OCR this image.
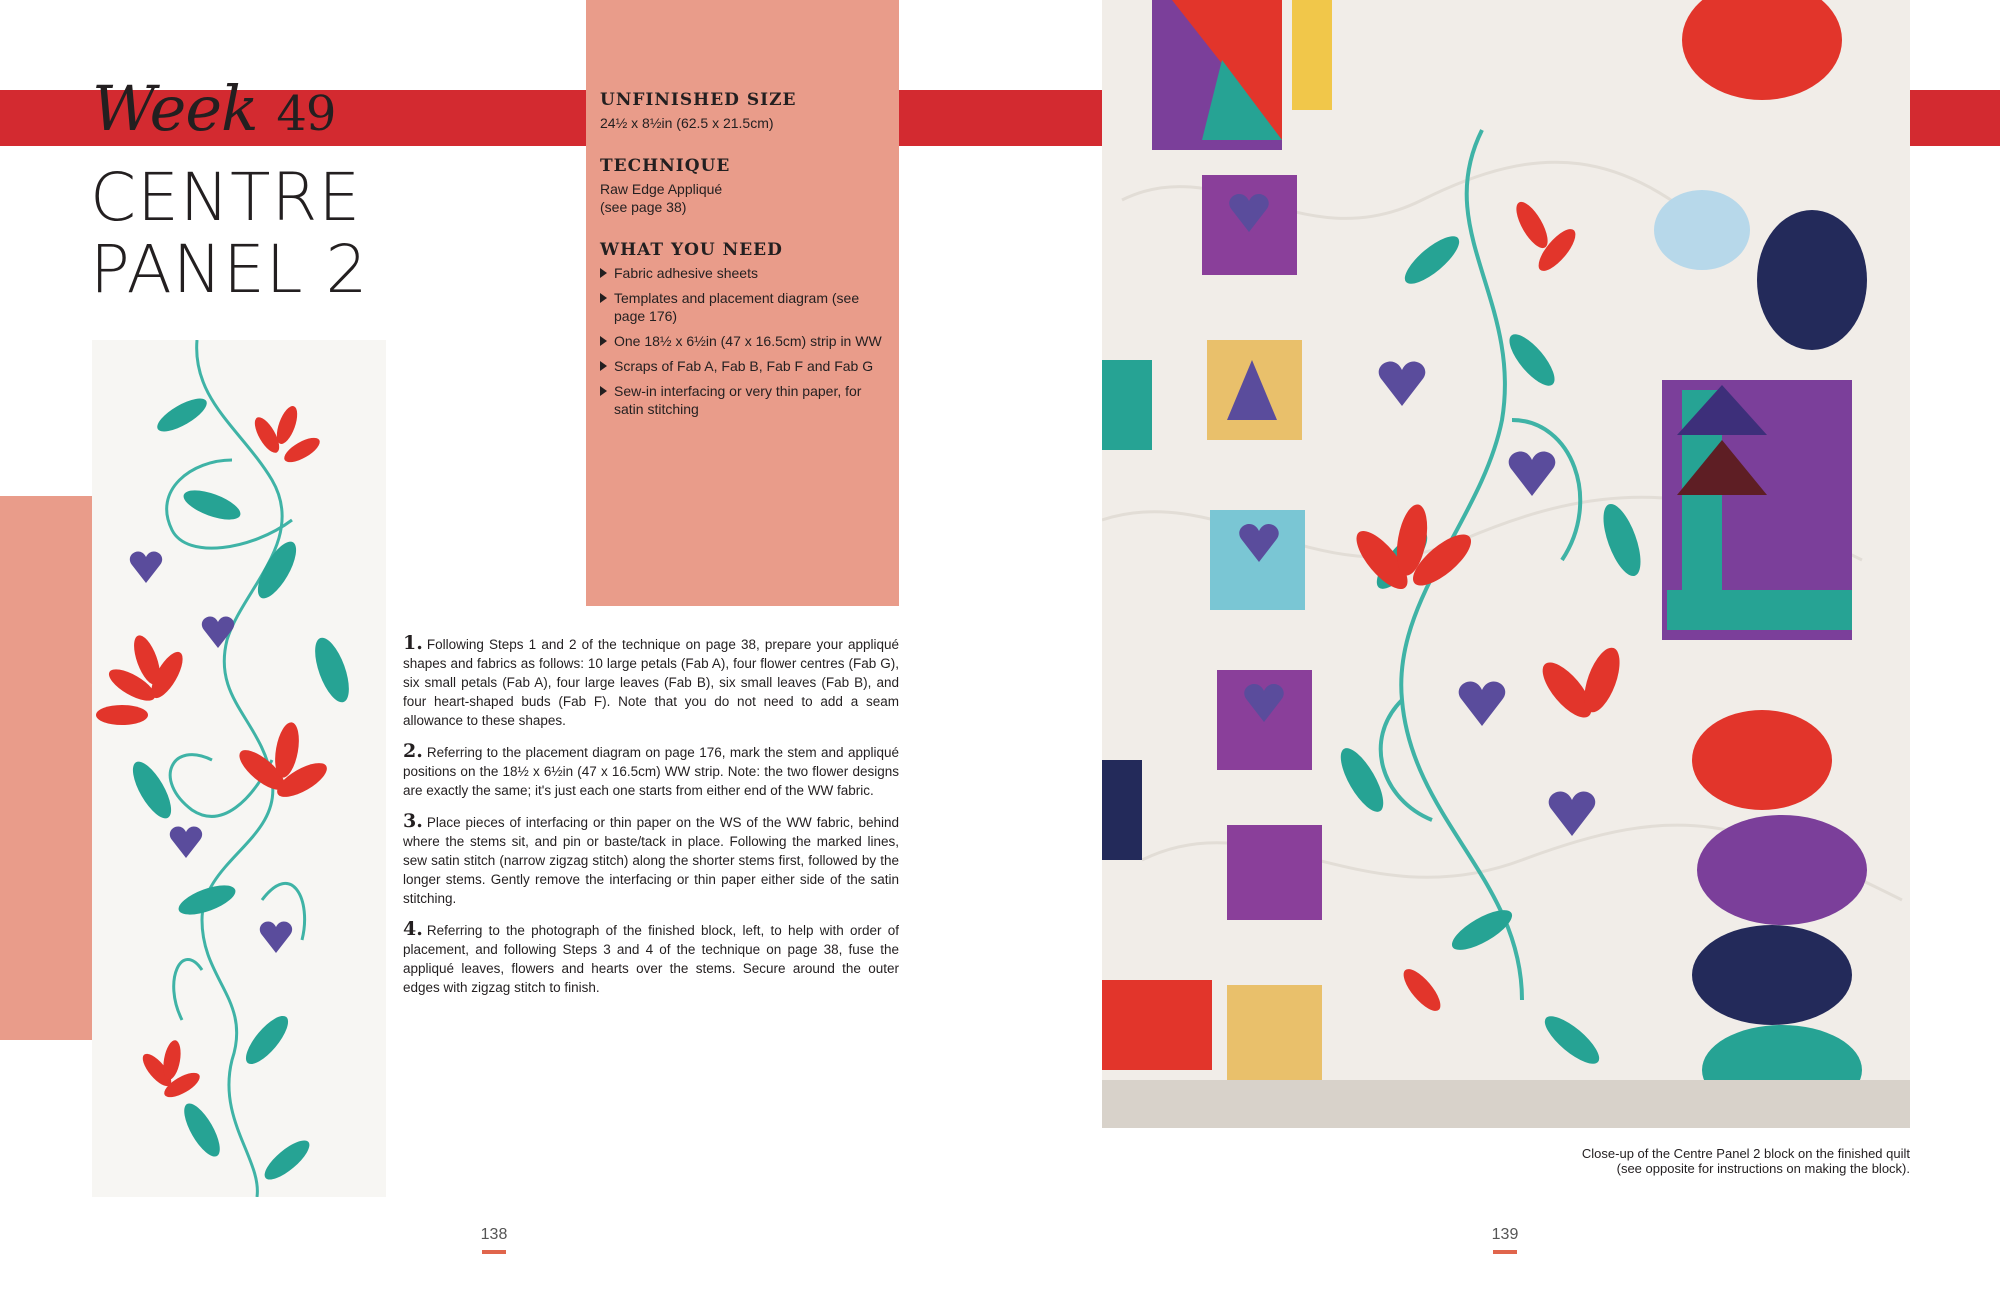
Week 49
CENTRE
PANEL 2
UNFINISHED SIZE
24½ x 8½in (62.5 x 21.5cm)
TECHNIQUE
Raw Edge Appliqué
(see page 38)
WHAT YOU NEED
Fabric adhesive sheets
Templates and placement diagram (see page 176)
One 18½ x 6½in (47 x 16.5cm) strip in WW
Scraps of Fab A, Fab B, Fab F and Fab G
Sew-in interfacing or very thin paper, for satin stitching

1. Following Steps 1 and 2 of the technique on page 38, prepare your appliqué shapes and fabrics as follows: 10 large petals (Fab A), four flower centres (Fab G), six small petals (Fab A), four large leaves (Fab B), six small leaves (Fab B), and four heart-shaped buds (Fab F). Note that you do not need to add a seam allowance to these shapes.

2. Referring to the placement diagram on page 176, mark the stem and appliqué positions on the 18½ x 6½in (47 x 16.5cm) WW strip. Note: the two flower designs are exactly the same; it's just each one starts from either end of the WW fabric.

3. Place pieces of interfacing or thin paper on the WS of the WW fabric, behind where the stems sit, and pin or baste/tack in place. Following the marked lines, sew satin stitch (narrow zigzag stitch) along the shorter stems first, followed by the longer stems. Gently remove the interfacing or thin paper either side of the satin stitching.

4. Referring to the photograph of the finished block, left, to help with order of placement, and following Steps 3 and 4 of the technique on page 38, fuse the appliqué leaves, flowers and hearts over the stems. Secure around the outer edges with zigzag stitch to finish.

Close-up of the Centre Panel 2 block on the finished quilt
(see opposite for instructions on making the block).
138	139
